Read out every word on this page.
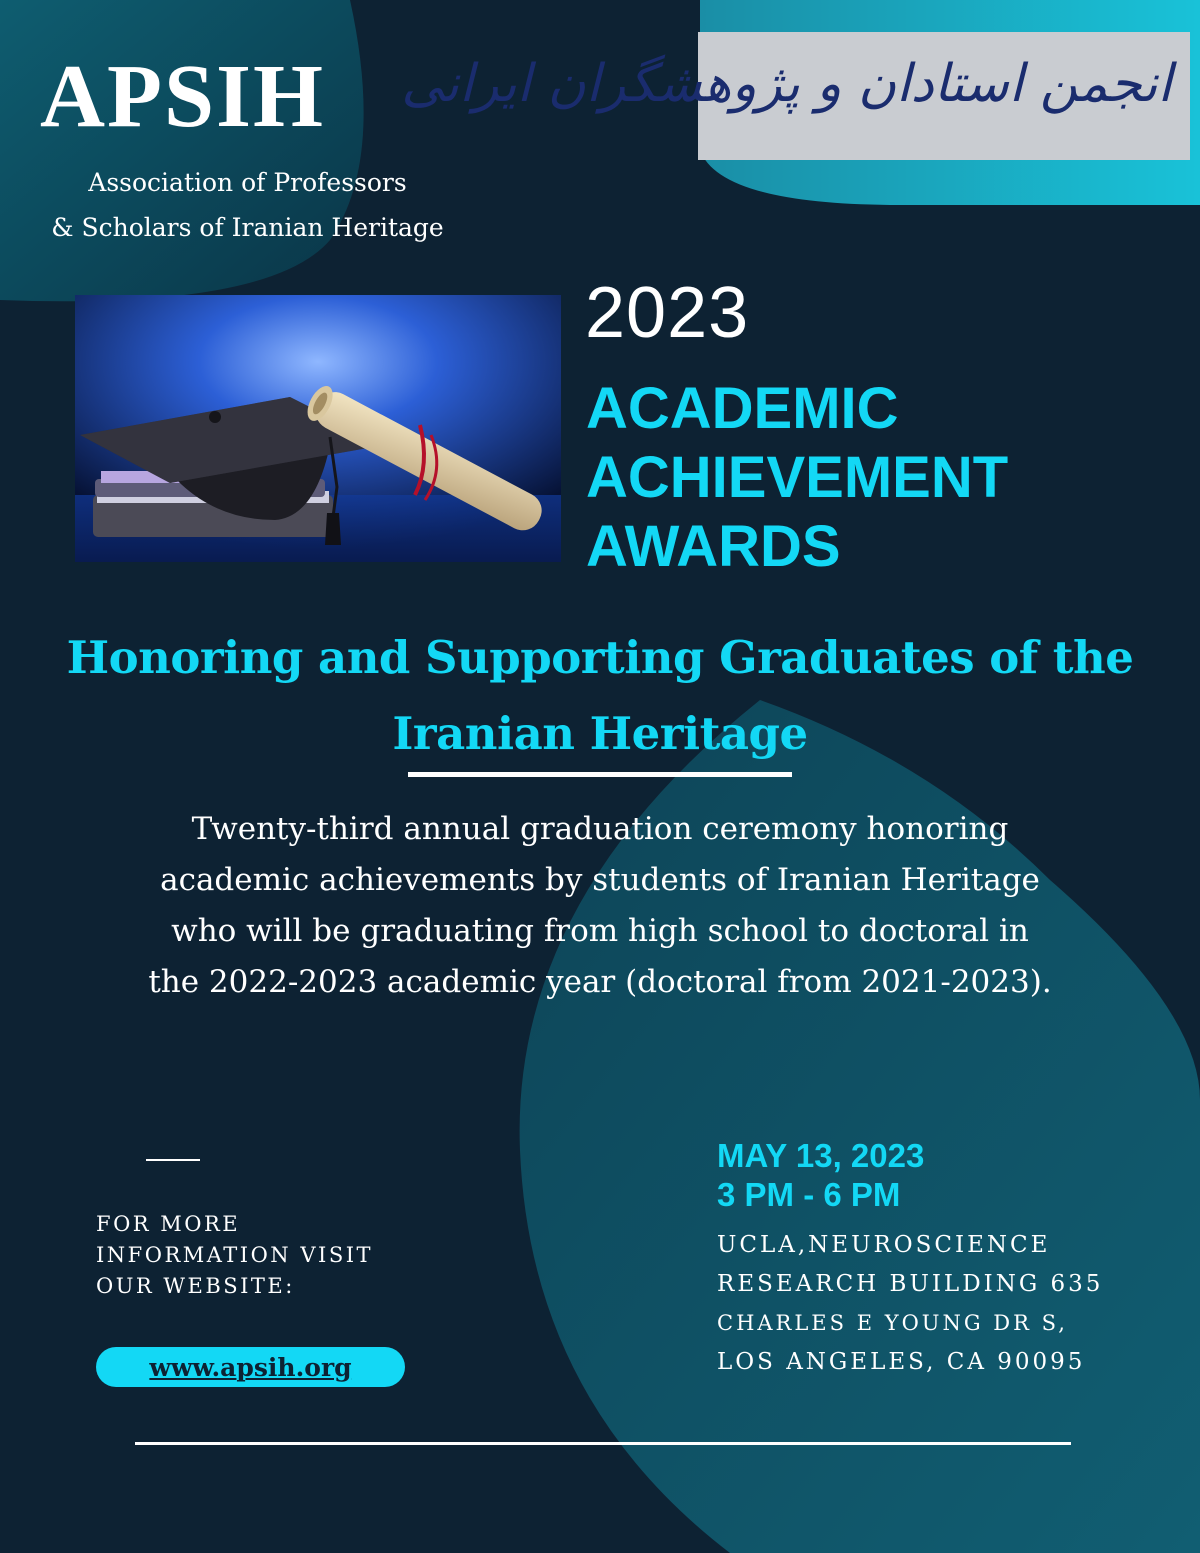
APSIH
Association of Professors
& Scholars of Iranian Heritage
انجمن استادان و پژوهشگران ایرانی
2023
ACADEMIC
ACHIEVEMENT
AWARDS
Honoring and Supporting Graduates of the
Iranian Heritage
Twenty-third annual graduation ceremony honoring
academic achievements by students of Iranian Heritage
who will be graduating from high school to doctoral in
the 2022-2023 academic year (doctoral from 2021-2023).
FOR MORE
INFORMATION VISIT
OUR WEBSITE:
www.apsih.org
MAY 13, 2023
3 PM - 6 PM
UCLA,NEUROSCIENCE
RESEARCH BUILDING 635
CHARLES E YOUNG DR S,
LOS ANGELES, CA 90095
